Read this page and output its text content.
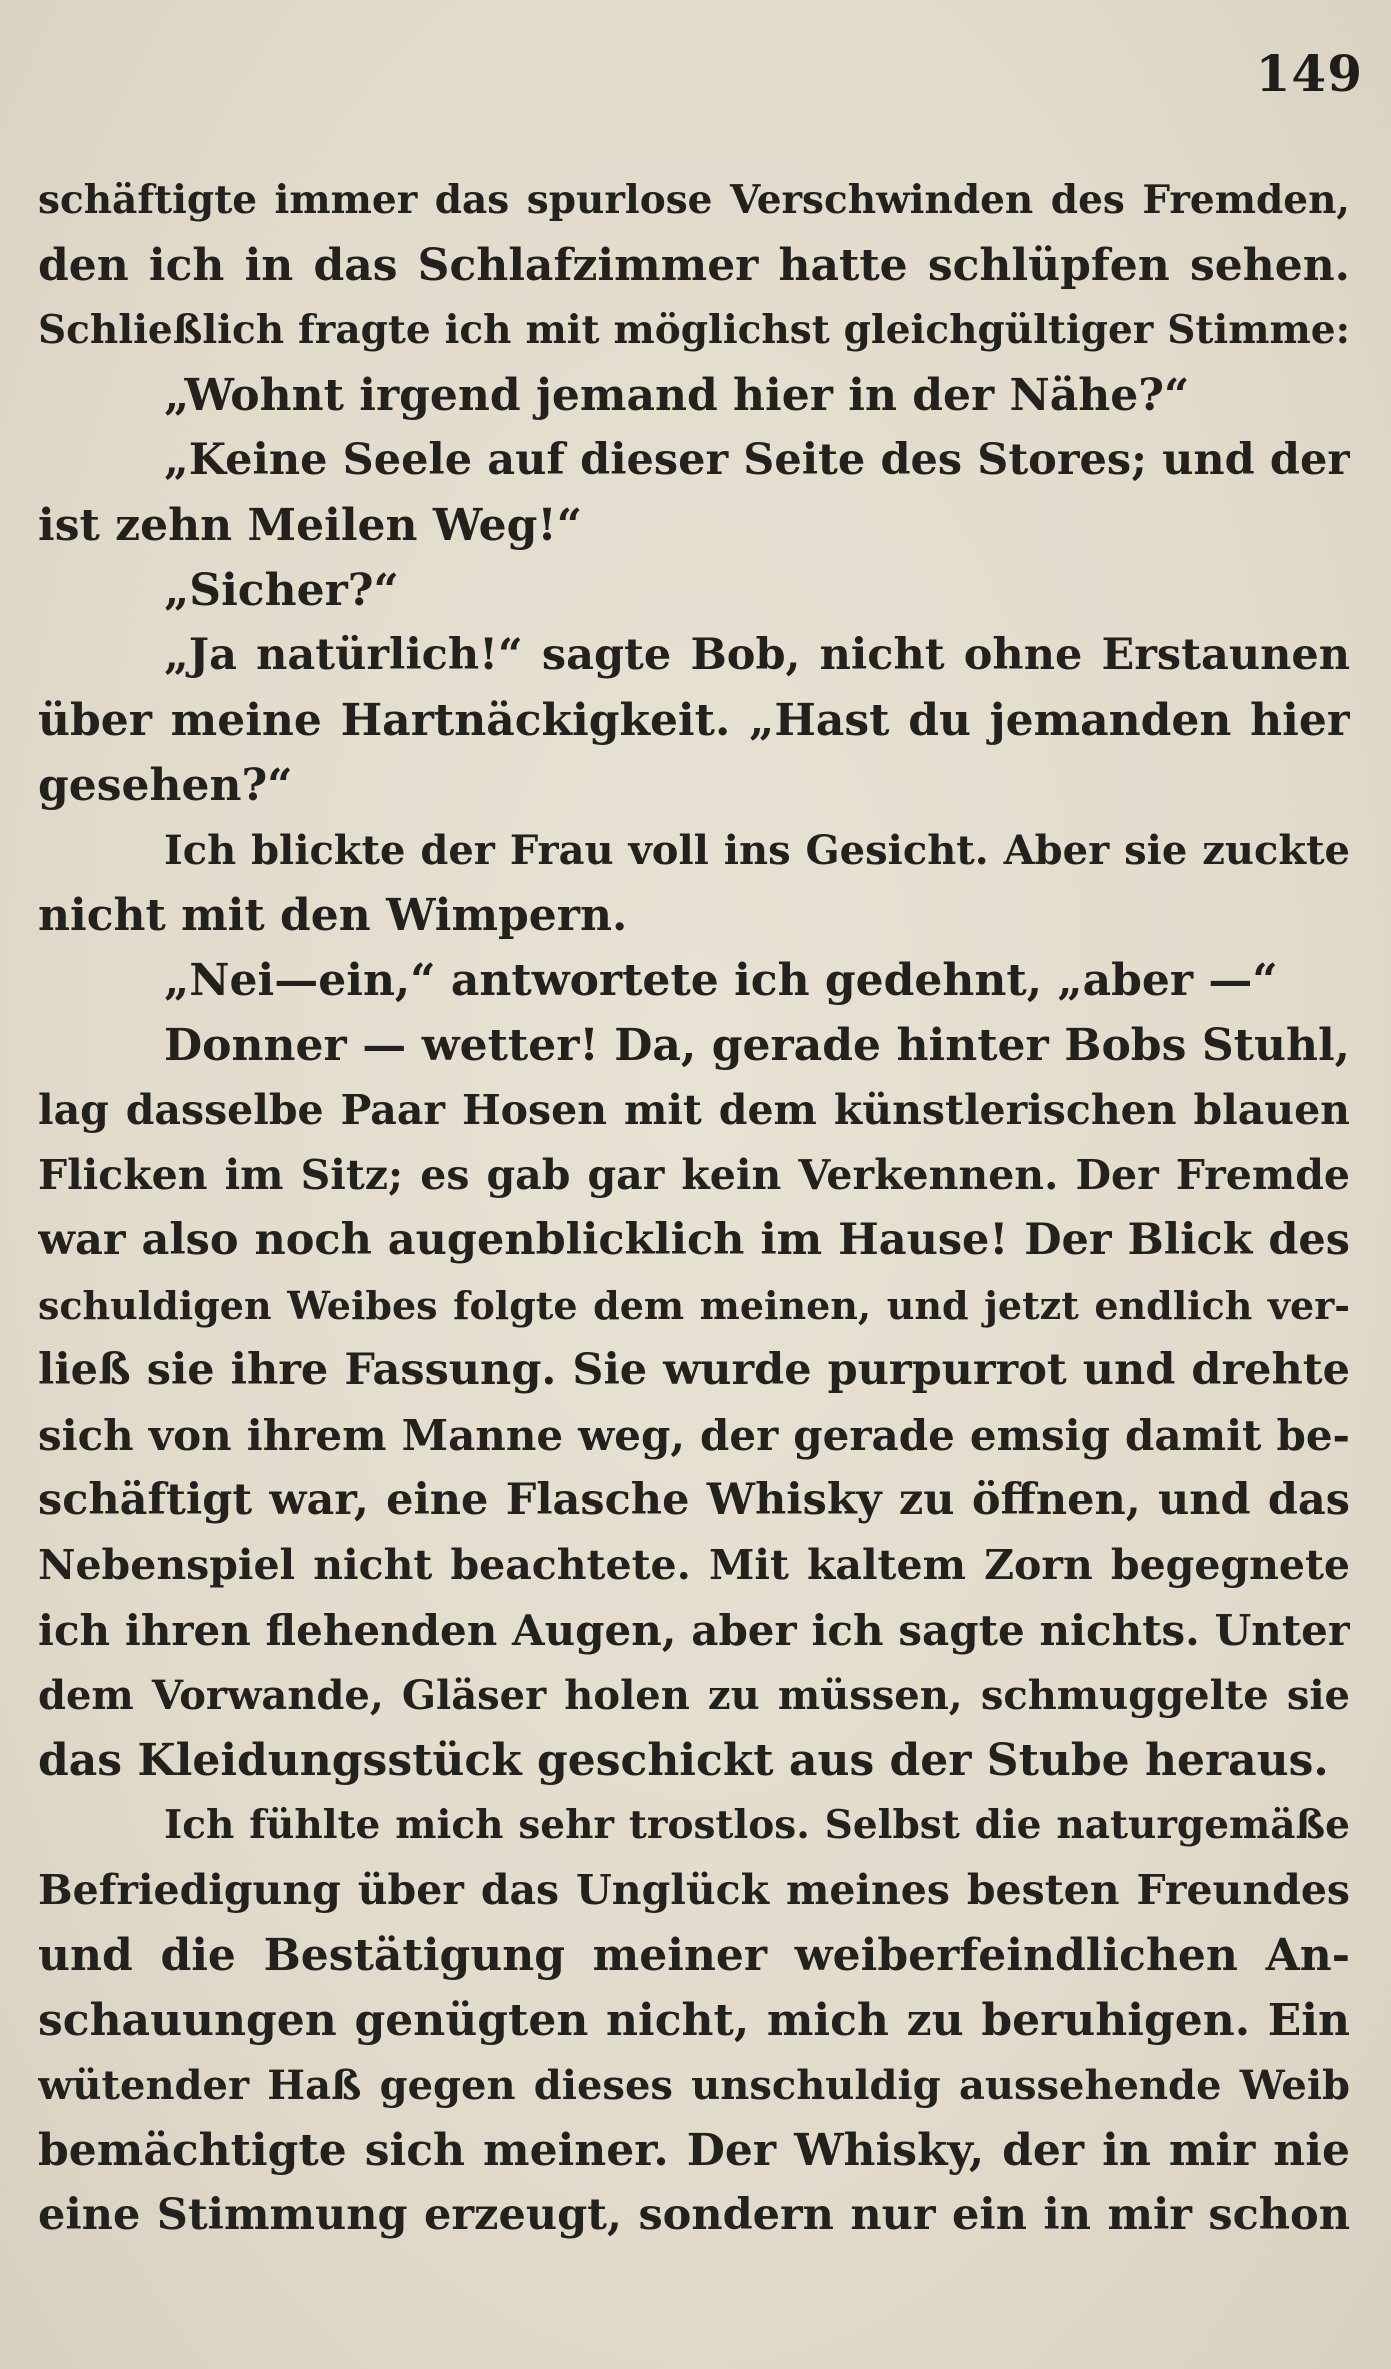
149
schäftigte immer das spurlose Verschwinden des Fremden,
den ich in das Schlafzimmer hatte schlüpfen sehen.
Schließlich fragte ich mit möglichst gleichgültiger Stimme:
„Wohnt irgend jemand hier in der Nähe?“
„Keine Seele auf dieser Seite des Stores; und der
ist zehn Meilen Weg!“
„Sicher?“
„Ja natürlich!“ sagte Bob, nicht ohne Erstaunen
über meine Hartnäckigkeit. „Hast du jemanden hier
gesehen?“
Ich blickte der Frau voll ins Gesicht. Aber sie zuckte
nicht mit den Wimpern.
„Nei—ein,“ antwortete ich gedehnt, „aber —“
Donner — wetter! Da, gerade hinter Bobs Stuhl,
lag dasselbe Paar Hosen mit dem künstlerischen blauen
Flicken im Sitz; es gab gar kein Verkennen. Der Fremde
war also noch augenblicklich im Hause! Der Blick des
schuldigen Weibes folgte dem meinen, und jetzt endlich ver-
ließ sie ihre Fassung. Sie wurde purpurrot und drehte
sich von ihrem Manne weg, der gerade emsig damit be-
schäftigt war, eine Flasche Whisky zu öffnen, und das
Nebenspiel nicht beachtete. Mit kaltem Zorn begegnete
ich ihren flehenden Augen, aber ich sagte nichts. Unter
dem Vorwande, Gläser holen zu müssen, schmuggelte sie
das Kleidungsstück geschickt aus der Stube heraus.
Ich fühlte mich sehr trostlos. Selbst die naturgemäße
Befriedigung über das Unglück meines besten Freundes
und die Bestätigung meiner weiberfeindlichen An-
schauungen genügten nicht, mich zu beruhigen. Ein
wütender Haß gegen dieses unschuldig aussehende Weib
bemächtigte sich meiner. Der Whisky, der in mir nie
eine Stimmung erzeugt, sondern nur ein in mir schon
